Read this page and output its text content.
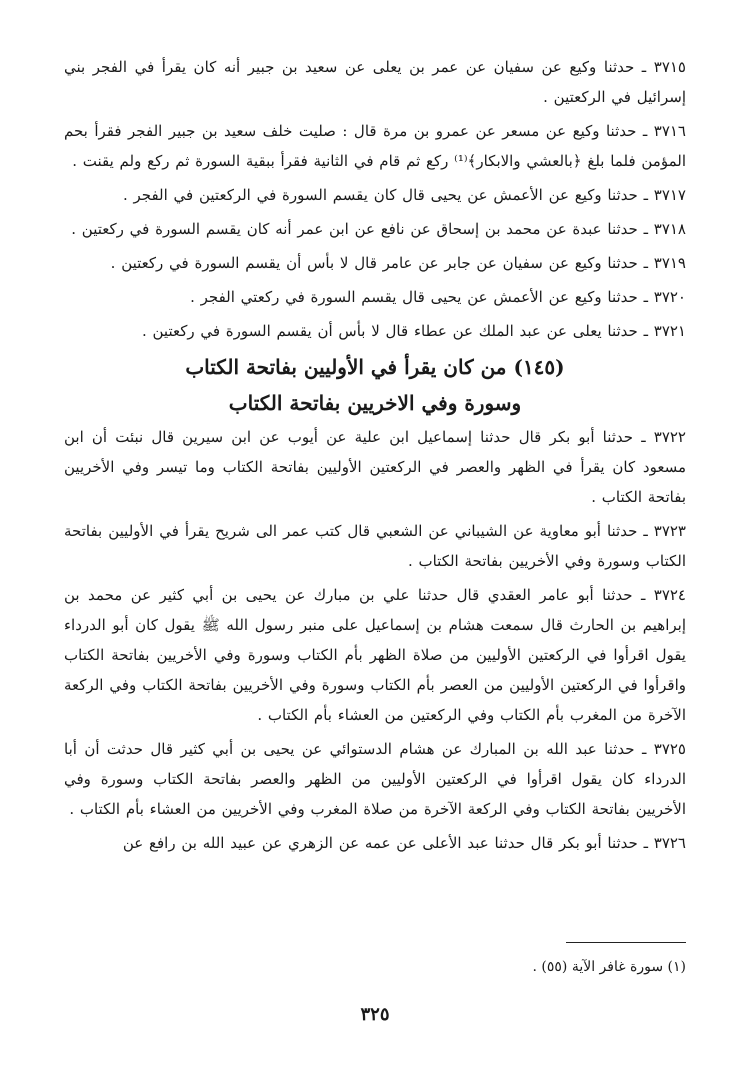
٣٧١٥ ـ حدثنا وكيع عن سفيان عن عمر بن يعلى عن سعيد بن جبير أنه كان يقرأ في الفجر بني إسرائيل في الركعتين .

٣٧١٦ ـ حدثنا وكيع عن مسعر عن عمرو بن مرة قال : صليت خلف سعيد بن جبير الفجر فقرأ بحم المؤمن فلما بلغ ﴿بالعشي والابكار﴾⁽¹⁾ ركع ثم قام في الثانية فقرأ ببقية السورة ثم ركع ولم يقنت .

٣٧١٧ ـ حدثنا وكيع عن الأعمش عن يحيى قال كان يقسم السورة في الركعتين في الفجر .

٣٧١٨ ـ حدثنا عبدة عن محمد بن إسحاق عن نافع عن ابن عمر أنه كان يقسم السورة في ركعتين .

٣٧١٩ ـ حدثنا وكيع عن سفيان عن جابر عن عامر قال لا بأس أن يقسم السورة في ركعتين .

٣٧٢٠ ـ حدثنا وكيع عن الأعمش عن يحيى قال يقسم السورة في ركعتي الفجر .

٣٧٢١ ـ حدثنا يعلى عن عبد الملك عن عطاء قال لا بأس أن يقسم السورة في ركعتين .

(١٤٥) من كان يقرأ في الأوليين بفاتحة الكتاب
وسورة وفي الاخريين بفاتحة الكتاب

٣٧٢٢ ـ حدثنا أبو بكر قال حدثنا إسماعيل ابن علية عن أيوب عن ابن سيرين قال نبئت أن ابن مسعود كان يقرأ في الظهر والعصر في الركعتين الأوليين بفاتحة الكتاب وما تيسر وفي الأخريين بفاتحة الكتاب .

٣٧٢٣ ـ حدثنا أبو معاوية عن الشيباني عن الشعبي قال كتب عمر الى شريح يقرأ في الأوليين بفاتحة الكتاب وسورة وفي الأخريين بفاتحة الكتاب .

٣٧٢٤ ـ حدثنا أبو عامر العقدي قال حدثنا علي بن مبارك عن يحيى بن أبي كثير عن محمد بن إبراهيم بن الحارث قال سمعت هشام بن إسماعيل على منبر رسول الله ﷺ يقول كان أبو الدرداء يقول اقرأوا في الركعتين الأوليين من صلاة الظهر بأم الكتاب وسورة وفي الأخريين بفاتحة الكتاب واقرأوا في الركعتين الأوليين من العصر بأم الكتاب وسورة وفي الأخريين بفاتحة الكتاب وفي الركعة الآخرة من المغرب بأم الكتاب وفي الركعتين من العشاء بأم الكتاب .

٣٧٢٥ ـ حدثنا عبد الله بن المبارك عن هشام الدستوائي عن يحيى بن أبي كثير قال حدثت أن أبا الدرداء كان يقول اقرأوا في الركعتين الأوليين من الظهر والعصر بفاتحة الكتاب وسورة وفي الأخريين بفاتحة الكتاب وفي الركعة الآخرة من صلاة المغرب وفي الأخريين من العشاء بأم الكتاب .

٣٧٢٦ ـ حدثنا أبو بكر قال حدثنا عبد الأعلى عن عمه عن الزهري عن عبيد الله بن رافع عن

(١) سورة غافر الآية (٥٥) .
٣٢٥
